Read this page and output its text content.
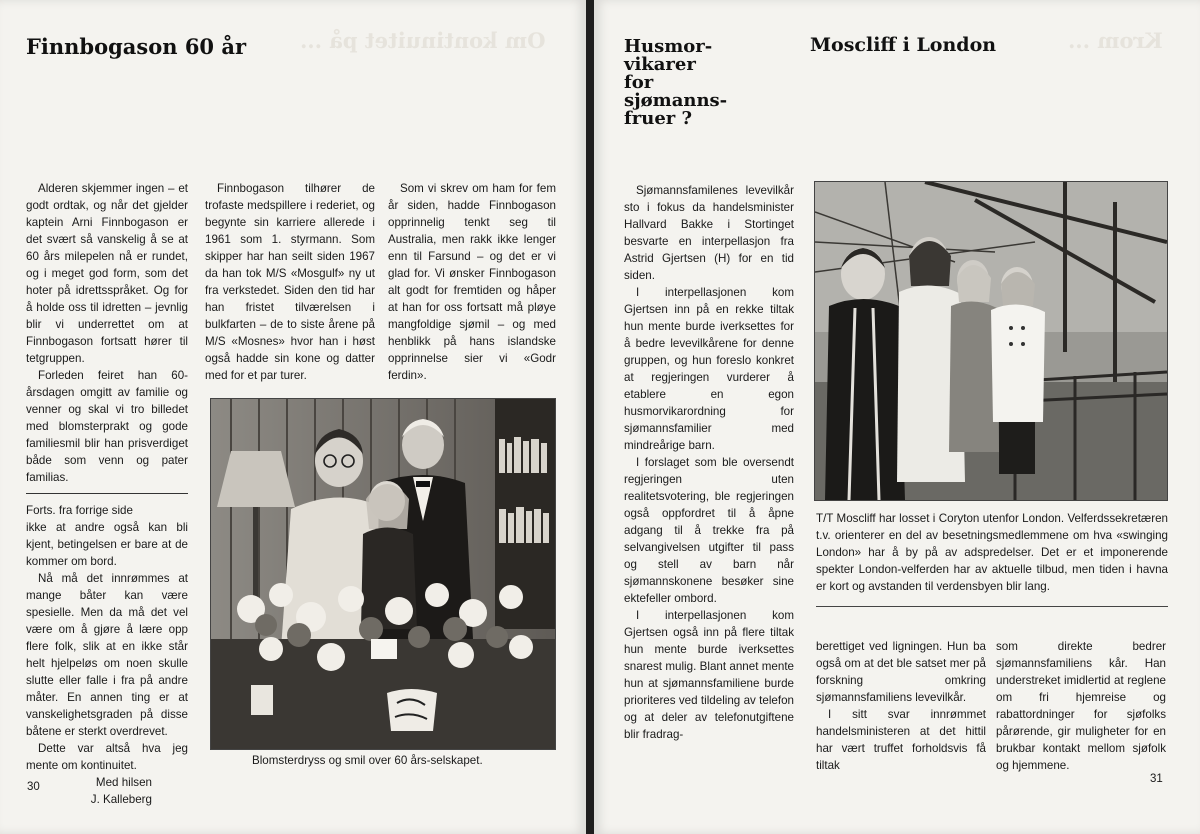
Om kontinuitet på ...
Finnbogason 60 år

Alderen skjemmer ingen – et godt ordtak, og når det gjelder kaptein Arni Finnbogason er det svært så vanskelig å se at 60 års milepelen nå er rundet, og i meget god form, som det hoter på idrettsspråket. Og for å holde oss til idretten – jevnlig blir vi underrettet om at Finnbogason fortsatt hører til tetgruppen.

Forleden feiret han 60-årsdagen omgitt av familie og venner og skal vi tro billedet med blomsterprakt og gode familiesmil blir han prisverdiget både som venn og pater familias.

Forts. fra forrige side

ikke at andre også kan bli kjent, betingelsen er bare at de kommer om bord.

Nå må det innrømmes at mange båter kan være spesielle. Men da må det vel være om å gjøre å lære opp flere folk, slik at en ikke står helt hjelpeløs om noen skulle slutte eller falle i fra på andre måter. En annen ting er at vanskelighetsgraden på disse båtene er sterkt overdrevet.

Dette var altså hva jeg mente om kontinuitet.

Med hilsen
J. Kalleberg

Finnbogason tilhører de trofaste medspillere i rederiet, og begynte sin karriere allerede i 1961 som 1. styrmann. Som skipper har han seilt siden 1967 da han tok M/S «Mosgulf» ny ut fra verkstedet. Siden den tid har han fristet tilværelsen i bulkfarten – de to siste årene på M/S «Mosnes» hvor han i høst også hadde sin kone og datter med for et par turer.

Som vi skrev om ham for fem år siden, hadde Finnbogason opprinnelig tenkt seg til Australia, men rakk ikke lenger enn til Farsund – og det er vi glad for. Vi ønsker Finnbogason alt godt for fremtiden og håper at han for oss fortsatt må pløye mangfoldige sjømil – og med henblikk på hans islandske opprinnelse sier vi «Godr ferdin».

Blomsterdryss og smil over 60 års-selskapet.
30
Krom ...
Husmor-
vikarer
for
sjømanns-
fruer ?
Moscliff i London

Sjømannsfamilenes levevilkår sto i fokus da handelsminister Hallvard Bakke i Stortinget besvarte en interpellasjon fra Astrid Gjertsen (H) for en tid siden.

I interpellasjonen kom Gjertsen inn på en rekke tiltak hun mente burde iverksettes for å bedre levevilkårene for denne gruppen, og hun foreslo konkret at regjeringen vurderer å etablere en egon husmorvikarordning for sjømannsfamilier med mindreårige barn.

I forslaget som ble oversendt regjeringen uten realitetsvotering, ble regjeringen også oppfordret til å åpne adgang til å trekke fra på selvangivelsen utgifter til pass og stell av barn når sjømannskonene besøker sine ektefeller ombord.

I interpellasjonen kom Gjertsen også inn på flere tiltak hun mente burde iverksettes snarest mulig. Blant annet mente hun at sjømannsfamiliene burde prioriteres ved tildeling av telefon og at deler av telefonutgiftene blir fradrag-

T/T Moscliff har losset i Coryton utenfor London. Velferdssekretæren t.v. orienterer en del av besetningsmedlemmene om hva «swinging London» har å by på av adspredelser. Det er et imponerende spekter London-velferden har av aktuelle tilbud, men tiden i havna er kort og avstanden til verdensbyen blir lang.

berettiget ved ligningen. Hun ba også om at det ble satset mer på forskning omkring sjømannsfamiliens levevilkår.

I sitt svar innrømmet handelsministeren at det hittil har vært truffet forholdsvis få tiltak

som direkte bedrer sjømannsfamiliens kår. Han understreket imidlertid at reglene om fri hjemreise og rabattordninger for sjøfolks pårørende, gir muligheter for en brukbar kontakt mellom sjøfolk og hjemmene.

31
